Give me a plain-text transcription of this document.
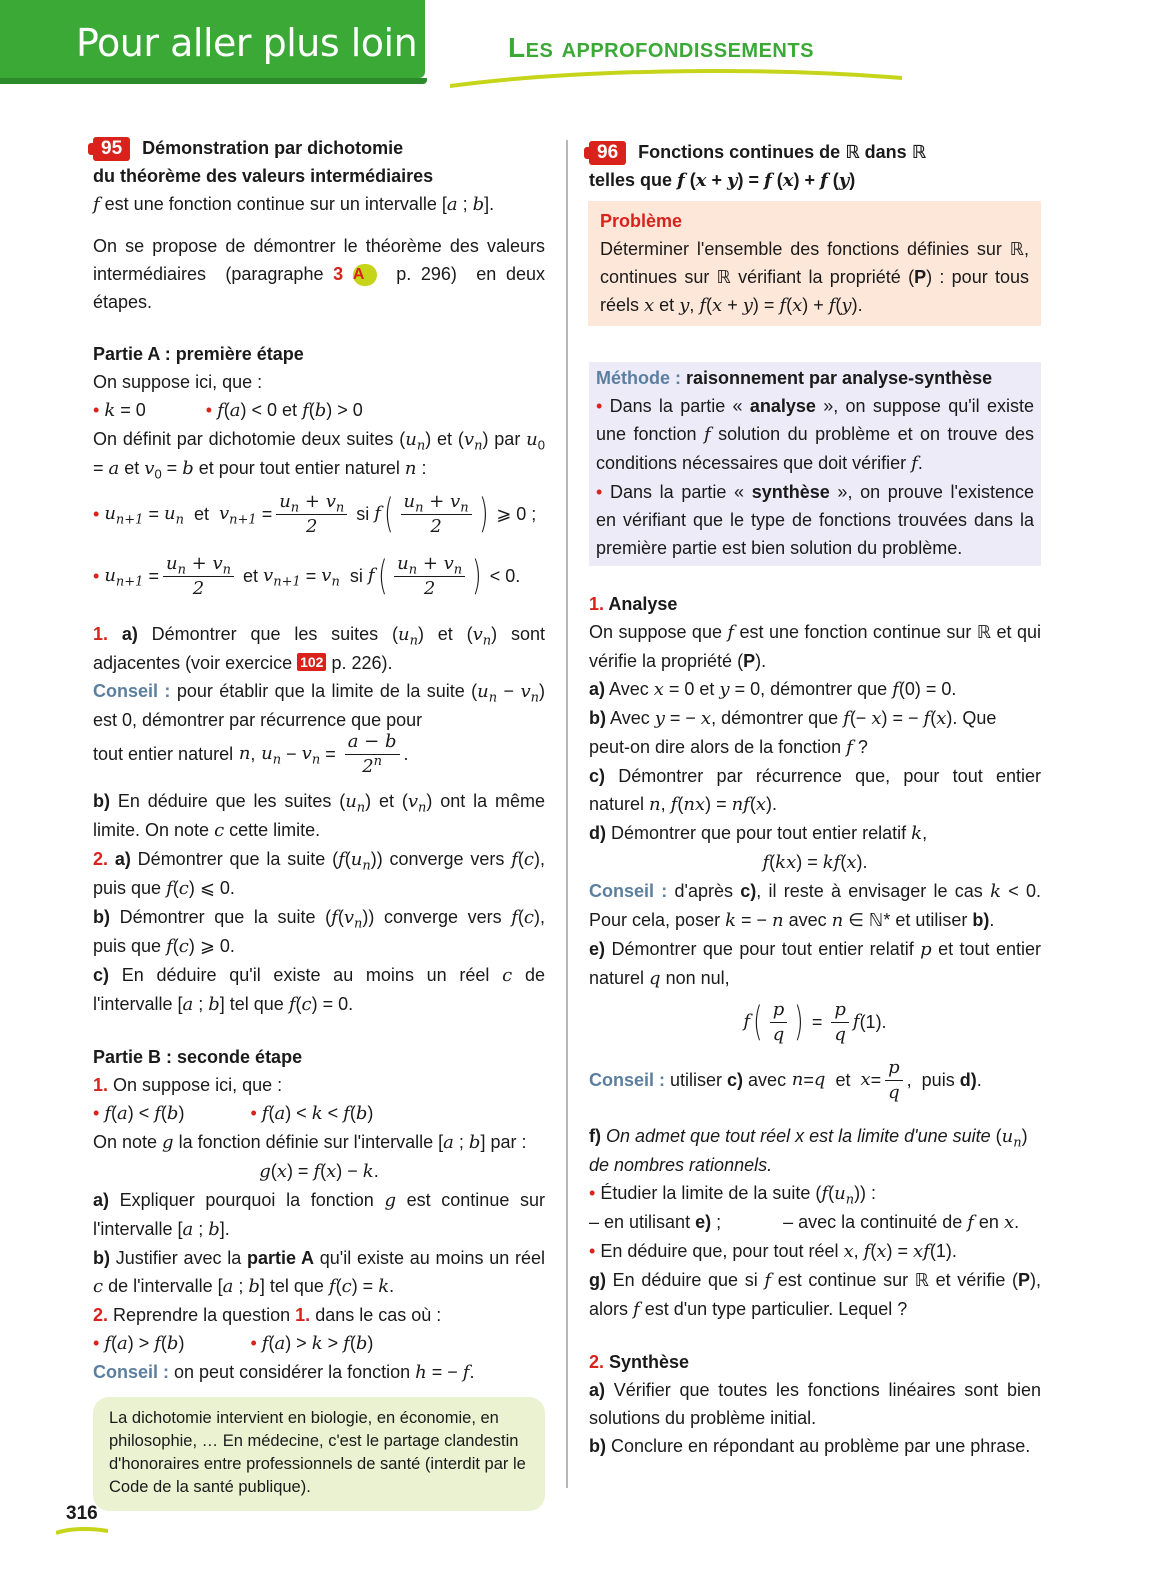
Pour aller plus loin	Les approfondissements
95 Démonstration par dichotomie
du théorème des valeurs intermédiaires
f est une fonction continue sur un intervalle [a ; b].
On se propose de démontrer le théorème des valeurs intermédiaires  (paragraphe 3 A  p. 296)  en deux étapes.
Partie A : première étape
On suppose ici, que :
• k = 0	• f(a) < 0 et f(b) > 0
On définit par dichotomie deux suites $(u_n)$ et $(v_n)$ par $u_0 = a$ et $v_0 = b$ et pour tout entier naturel n :
•
$u_{n+1} = u_n$ et $v_{n+1} = \frac{u_n + v_n}{2}$ si f ( $\frac{u_n + v_n}{2}$ ) ⩾ 0 ;
•
$u_{n+1} = \frac{u_n + v_n}{2}$ et $v_{n+1} = v_n$ si f ( $\frac{u_n + v_n}{2}$ ) < 0.
1. a) Démontrer que les suites $(u_n)$ et $(v_n)$ sont adjacentes (voir exercice 102 p. 226).
Conseil : pour établir que la limite de la suite $(u_n - v_n)$ est 0, démontrer par récurrence que pour
tout entier naturel n , $u_n - v_n = \frac{a - b}{2^n}$ .
b) En déduire que les suites $(u_n)$ et $(v_n)$ ont la même limite. On note c cette limite.
2. a) Démontrer que la suite $(f(u_n))$ converge vers f(c), puis que f(c) ⩽ 0.
b) Démontrer que la suite $(f(v_n))$ converge vers f(c), puis que f(c) ⩾ 0.
c) En déduire qu'il existe au moins un réel c de l'intervalle [a ; b] tel que f(c) = 0.
Partie B : seconde étape
1. On suppose ici, que :
• f(a) < f(b)	• f(a) < k < f(b)
On note g la fonction définie sur l'intervalle [a ; b] par :
g(x) = f(x) − k.
a) Expliquer pourquoi la fonction g est continue sur l'intervalle [a ; b].
b) Justifier avec la partie A qu'il existe au moins un réel c de l'intervalle [a ; b] tel que f(c) = k.
2. Reprendre la question 1. dans le cas où :
• f(a) > f(b)	• f(a) > k > f(b)
Conseil : on peut considérer la fonction h = − f.
La dichotomie intervient en biologie, en économie, en philosophie, … En médecine, c'est le partage clandestin d'honoraires entre professionnels de santé (interdit par le Code de la santé publique).
96 Fonctions continues de ℝ dans ℝ
telles que f (x + y) = f (x) + f (y)
Problème
Déterminer l'ensemble des fonctions définies sur ℝ, continues sur ℝ vérifiant la propriété (P) : pour tous réels x et y, f(x + y) = f(x) + f(y).
Méthode : raisonnement par analyse-synthèse
• Dans la partie « analyse », on suppose qu'il existe une fonction f solution du problème et on trouve des conditions nécessaires que doit vérifier f.
• Dans la partie « synthèse », on prouve l'existence en vérifiant que le type de fonctions trouvées dans la première partie est bien solution du problème.
1. Analyse
On suppose que f est une fonction continue sur ℝ et qui vérifie la propriété (P).
a) Avec x = 0 et y = 0, démontrer que f(0) = 0.
b) Avec y = − x, démontrer que f(− x) = − f(x). Que peut-on dire alors de la fonction f ?
c) Démontrer par récurrence que, pour tout entier naturel n, f(nx) = nf(x).
d) Démontrer que pour tout entier relatif k,
f(kx) = kf(x).
Conseil : d'après c), il reste à envisager le cas k < 0. Pour cela, poser k = − n avec n ∈ ℕ* et utiliser b).
e) Démontrer que pour tout entier relatif p et tout entier naturel q non nul,
f ( $\frac{p}{q}$ ) = $\frac{p}{q}$ f (1).
Conseil : utiliser c) avec n = q et $x = \frac{p}{q}$ ,  puis d) .
f) On admet que tout réel x est la limite d'une suite $(u_n)$ de nombres rationnels.
• Étudier la limite de la suite $(f(u_n))$ :
– en utilisant e) ;	– avec la continuité de f en x.
• En déduire que, pour tout réel x, f(x) = xf(1).
g) En déduire que si f est continue sur ℝ et vérifie (P), alors f est d'un type particulier. Lequel ?
2. Synthèse
a) Vérifier que toutes les fonctions linéaires sont bien solutions du problème initial.
b) Conclure en répondant au problème par une phrase.
316
